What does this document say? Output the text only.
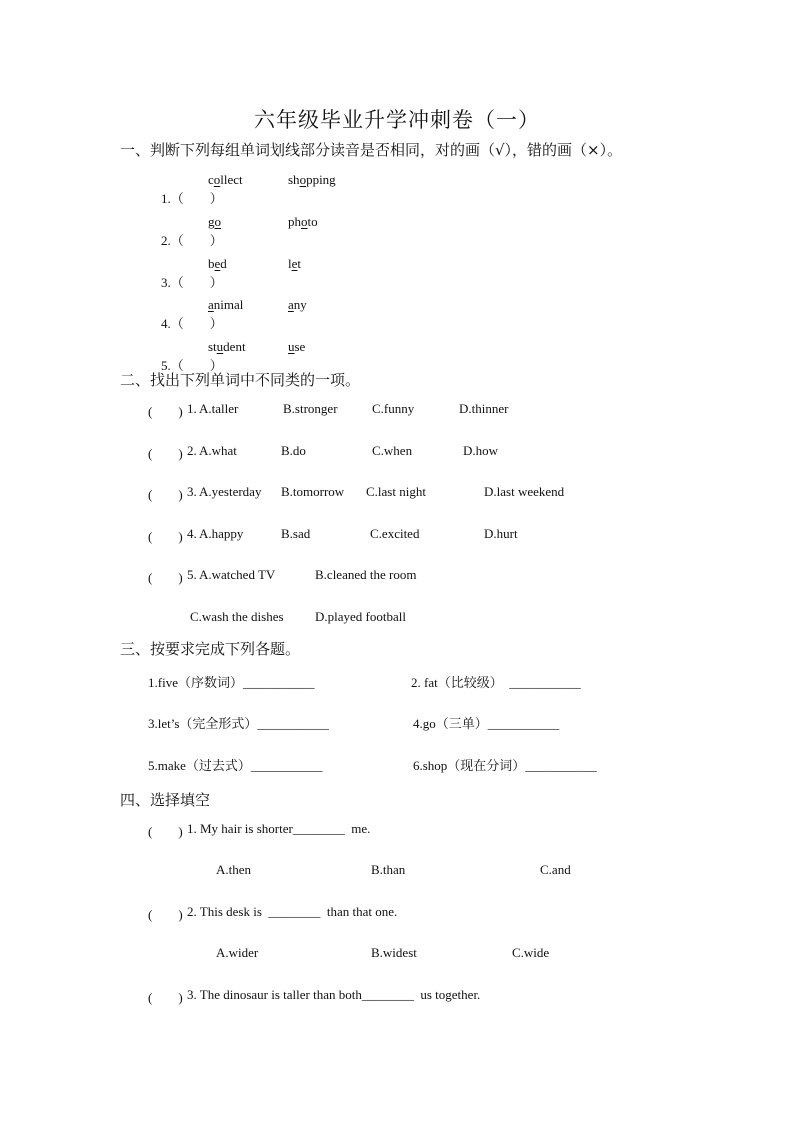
六年级毕业升学冲刺卷（一）
一、判断下列每组单词划线部分读音是否相同，对的画（√），错的画（×）。

1.（　　）

collect	shopping

2.（　　）

go	photo

3.（　　）

bed	let

4.（　　）

animal	any

5.（　　）

student	use
二、找出下列单词中不同类的一项。
(　　) 1. A.taller	B.stronger	C.funny	D.thinner
(　　) 2. A.what	B.do	C.when	D.how
(　　) 3. A.yesterday B.tomorrow C.last night	D.last weekend
(　　) 4. A.happy	B.sad	C.excited	D.hurt
(　　) 5. A.watched TV	B.cleaned the room
C.wash the dishes D.played football
三、按要求完成下列各题。
1.five（序数词）___________	2. fat（比较级）  ___________
3.let’s（完全形式）___________	4.go（三单）___________
5.make（过去式）___________	6.shop（现在分词）___________
四、选择填空
(　　) 1. My hair is shorter________  me.
A.then	B.than	C.and
(　　) 2. This desk is  ________  than that one.
A.wider	B.widest	C.wide
(　　) 3. The dinosaur is taller than both________  us together.
